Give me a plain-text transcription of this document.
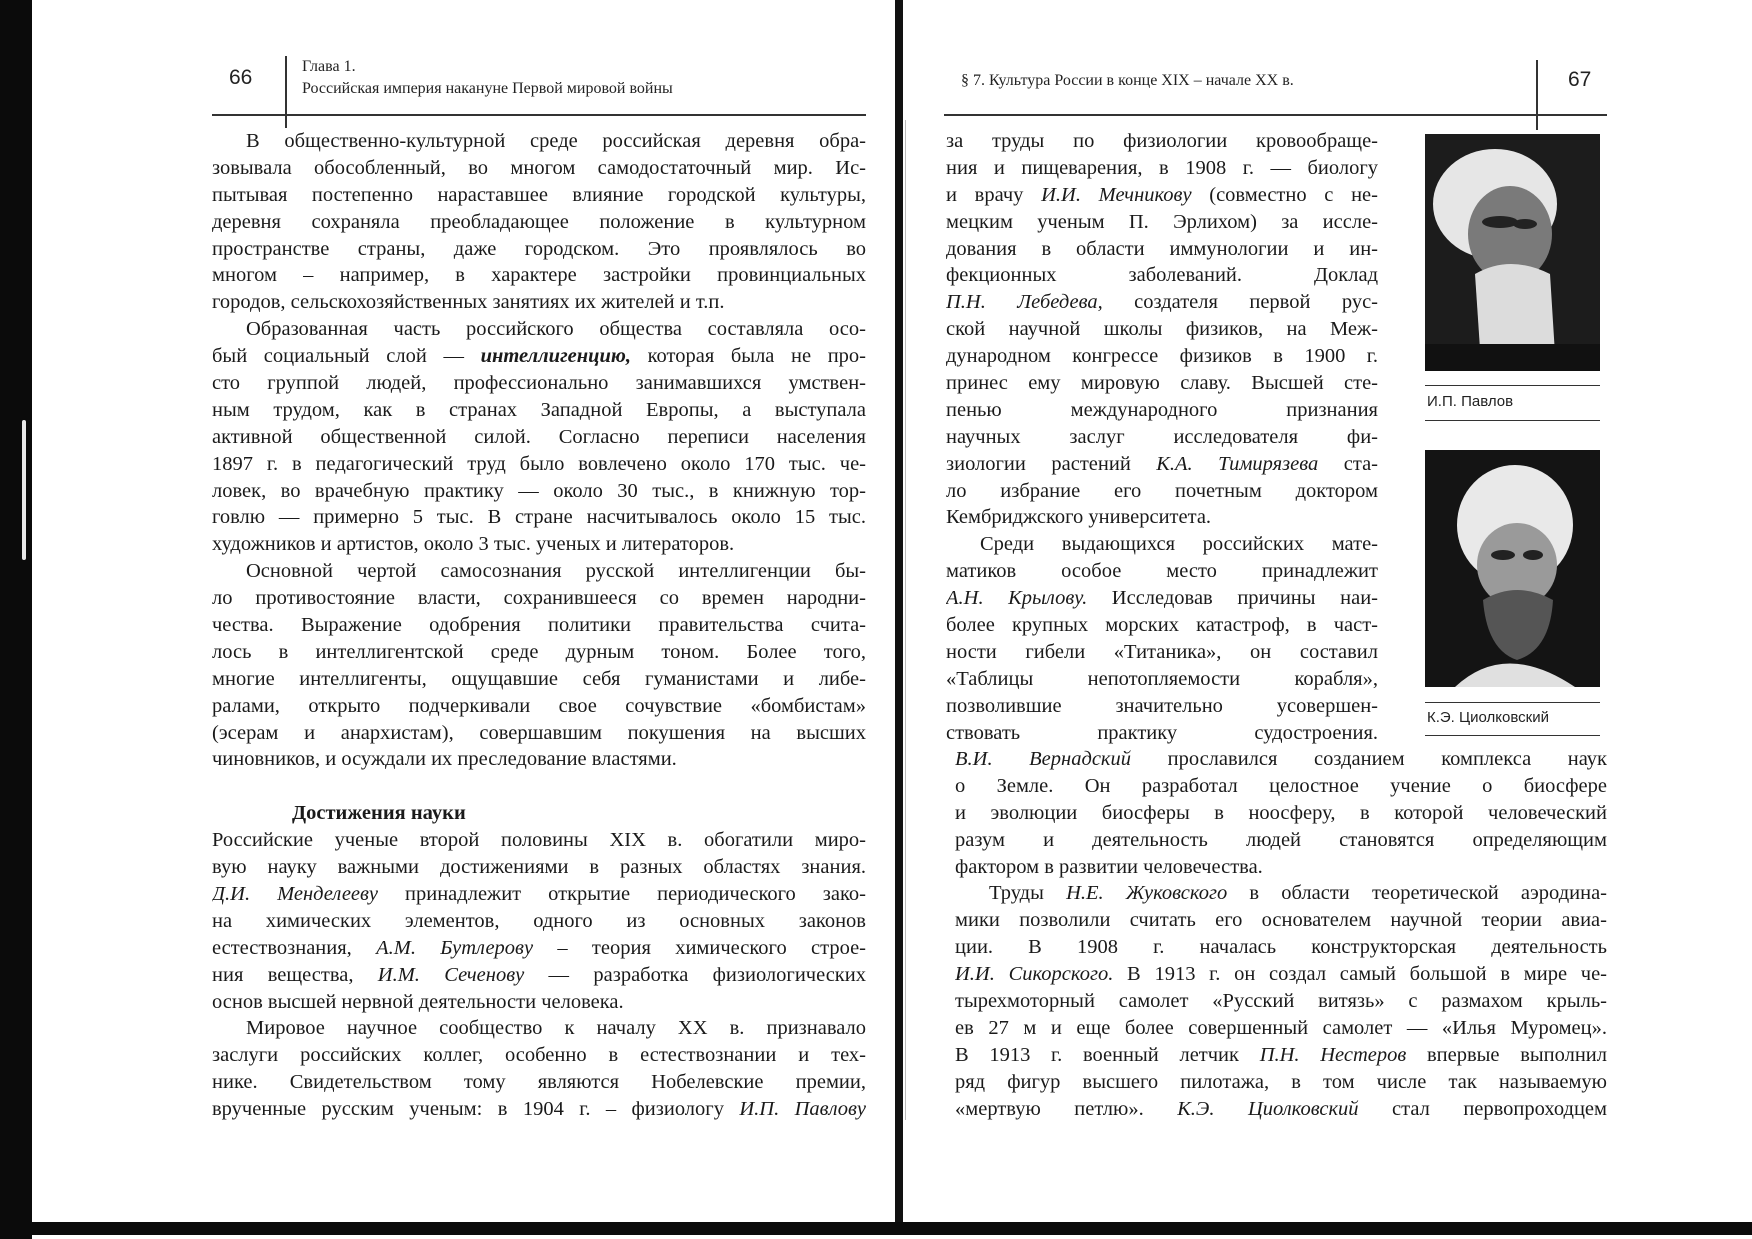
66	Глава 1.
Российская империя накануне Первой мировой войны
В общественно-культурной среде российская деревня обра-
зовывала обособленный, во многом самодостаточный мир. Ис-
пытывая постепенно нараставшее влияние городской культуры,
деревня сохраняла преобладающее положение в культурном
пространстве страны, даже городском. Это проявлялось во
многом – например, в характере застройки провинциальных
городов, сельскохозяйственных занятиях их жителей и т.п.
Образованная часть российского общества составляла осо-
бый социальный слой — интеллигенцию, которая была не про-
сто группой людей, профессионально занимавшихся умствен-
ным трудом, как в странах Западной Европы, а выступала
активной общественной силой. Согласно переписи населения
1897 г. в педагогический труд было вовлечено около 170 тыс. че-
ловек, во врачебную практику — около 30 тыс., в книжную тор-
говлю — примерно 5 тыс. В стране насчитывалось около 15 тыс.
художников и артистов, около 3 тыс. ученых и литераторов.
Основной чертой самосознания русской интеллигенции бы-
ло противостояние власти, сохранившееся со времен народни-
чества. Выражение одобрения политики правительства счита-
лось в интеллигентской среде дурным тоном. Более того,
многие интеллигенты, ощущавшие себя гуманистами и либе-
ралами, открыто подчеркивали свое сочувствие «бомбистам»
(эсерам и анархистам), совершавшим покушения на высших
чиновников, и осуждали их преследование властями.
Достижения науки
Российские ученые второй половины XIX в. обогатили миро-
вую науку важными достижениями в разных областях знания.
Д.И. Менделееву принадлежит открытие периодического зако-
на химических элементов, одного из основных законов
естествознания, А.М. Бутлерову – теория химического строе-
ния вещества, И.М. Сеченову — разработка физиологических
основ высшей нервной деятельности человека.
Мировое научное сообщество к началу XX в. признавало
заслуги российских коллег, особенно в естествознании и тех-
нике. Свидетельством тому являются Нобелевские премии,
врученные русским ученым: в 1904 г. – физиологу И.П. Павлову
§ 7. Культура России в конце XIX – начале XX в.	67
за труды по физиологии кровообраще-
ния и пищеварения, в 1908 г. — биологу
и врачу И.И. Мечникову (совместно с не-
мецким ученым П. Эрлихом) за иссле-
дования в области иммунологии и ин-
фекционных заболеваний. Доклад
П.Н. Лебедева, создателя первой рус-
ской научной школы физиков, на Меж-
дународном конгрессе физиков в 1900 г.
принес ему мировую славу. Высшей сте-
пенью международного признания
научных заслуг исследователя фи-
зиологии растений К.А. Тимирязева ста-
ло избрание его почетным доктором
Кембриджского университета.
Среди выдающихся российских мате-
матиков особое место принадлежит
А.Н. Крылову. Исследовав причины наи-
более крупных морских катастроф, в част-
ности гибели «Титаника», он составил
«Таблицы непотопляемости корабля»,
позволившие значительно усовершен-
ствовать практику судостроения.
В.И. Вернадский прославился созданием комплекса наук
о Земле. Он разработал целостное учение о биосфере
и эволюции биосферы в ноосферу, в которой человеческий
разум и деятельность людей становятся определяющим
фактором в развитии человечества.
Труды Н.Е. Жуковского в области теоретической аэродина-
мики позволили считать его основателем научной теории авиа-
ции. В 1908 г. началась конструкторская деятельность
И.И. Сикорского. В 1913 г. он создал самый большой в мире че-
тырехмоторный самолет «Русский витязь» с размахом крыль-
ев 27 м и еще более совершенный самолет — «Илья Муромец».
В 1913 г. военный летчик П.Н. Нестеров впервые выполнил
ряд фигур высшего пилотажа, в том числе так называемую
«мертвую петлю». К.Э. Циолковский стал первопроходцем
И.П. Павлов
К.Э. Циолковский
